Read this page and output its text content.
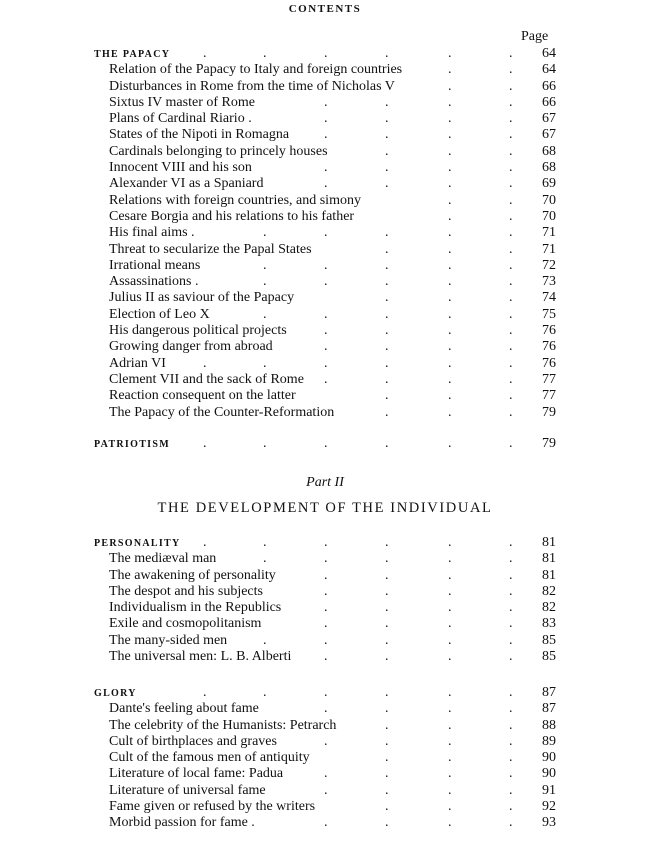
CONTENTS
Page
THE PAPACY .	.	.	.	.	. 64
Relation of the Papacy to Italy and foreign countries	.	. 64
Disturbances in Rome from the time of Nicholas V	.	. 66
Sixtus IV master of Rome	.	.	.	. 66
Plans of Cardinal Riario .	.	.	.	. 67
States of the Nipoti in Romagna .	.	.	. 67
Cardinals belonging to princely houses	.	.	. 68
Innocent VIII and his son	.	.	.	. 68
Alexander VI as a Spaniard	.	.	.	. 69
Relations with foreign countries, and simony	.	. 70
Cesare Borgia and his relations to his father	.	. 70
His final aims .	.	.	.	.	. 71
Threat to secularize the Papal States	.	.	. 71
Irrational means	.	.	.	.	. 72
Assassinations .	.	.	.	.	. 73
Julius II as saviour of the Papacy	.	.	. 74
Election of Leo X	.	.	.	.	. 75
His dangerous political projects	.	.	.	. 76
Growing danger from abroad	.	.	.	. 76
Adrian VI	.	.	.	.	.	. 76
Clement VII and the sack of Rome .	.	.	. 77
Reaction consequent on the latter	.	.	. 77
The Papacy of the Counter-Reformation	.	.	. 79
PATRIOTISM .	.	.	.	.	. 79
Part II
THE DEVELOPMENT OF THE INDIVIDUAL
PERSONALITY .	.	.	.	.	. 81
The mediæval man	.	.	.	.	. 81
The awakening of personality	.	.	.	. 81
The despot and his subjects	.	.	.	. 82
Individualism in the Republics	.	.	.	. 82
Exile and cosmopolitanism	.	.	.	. 83
The many-sided men	.	.	.	.	. 85
The universal men: L. B. Alberti .	.	.	. 85
GLORY	.	.	.	.	.	. 87
Dante's feeling about fame	.	.	.	. 87
The celebrity of the Humanists: Petrarch	.	.	. 88
Cult of birthplaces and graves	.	.	.	. 89
Cult of the famous men of antiquity	.	.	. 90
Literature of local fame: Padua	.	.	.	. 90
Literature of universal fame	.	.	.	. 91
Fame given or refused by the writers	.	.	. 92
Morbid passion for fame .	.	.	.	. 93
